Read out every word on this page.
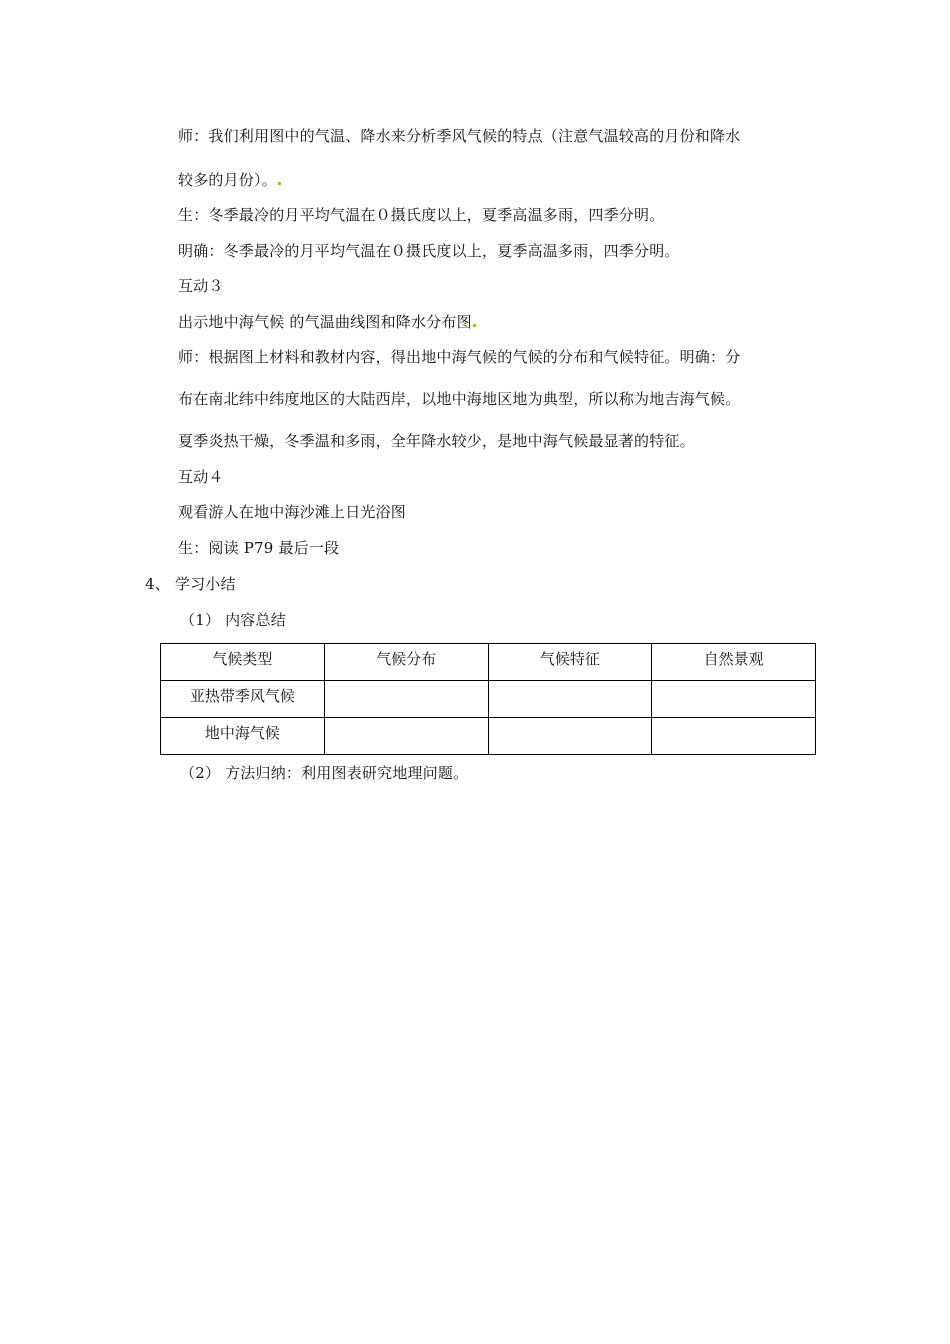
师：我们利用图中的气温、降水来分析季风气候的特点（注意气温较高的月份和降水
较多的月份）。
生：冬季最冷的月平均气温在０摄氏度以上，夏季高温多雨，四季分明。
明确：冬季最冷的月平均气温在０摄氏度以上，夏季高温多雨，四季分明。
互动３
出示地中海气候 的气温曲线图和降水分布图
师：根据图上材料和教材内容，得出地中海气候的气候的分布和气候特征。明确：分
布在南北纬中纬度地区的大陆西岸，以地中海地区地为典型，所以称为地吉海气候。
夏季炎热干燥，冬季温和多雨，全年降水较少，是地中海气候最显著的特征。
互动４
观看游人在地中海沙滩上日光浴图
生：阅读 P79 最后一段
4、 学习小结
（1） 内容总结
气候类型	气候分布	气候特征	自然景观
亚热带季风气候			
地中海气候			
（2） 方法归纳：利用图表研究地理问题。
